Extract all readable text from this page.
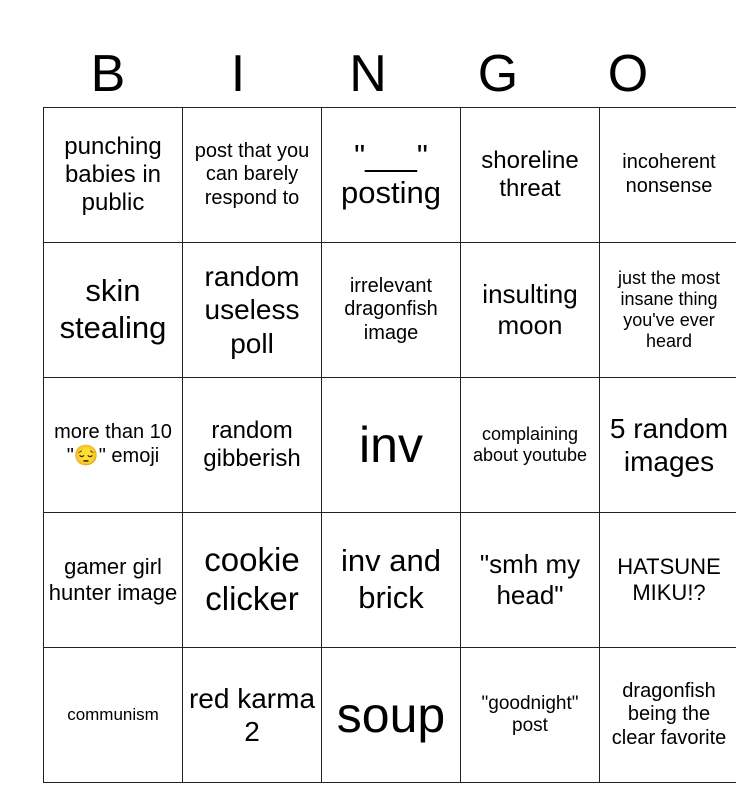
B	I	N	G	O
punching babies in public	post that you can barely respond to	"___" posting	shoreline threat	incoherent nonsense
skin stealing	random useless poll	irrelevant dragonfish image	insulting moon	just the most insane thing you've ever heard
more than 10 "😔" emoji	random gibberish	inv	complaining about youtube	5 random images
gamer girl hunter image	cookie clicker	inv and brick	"smh my head"	HATSUNE MIKU!?
communism	red karma 2	soup	"goodnight" post	dragonfish being the clear favorite
